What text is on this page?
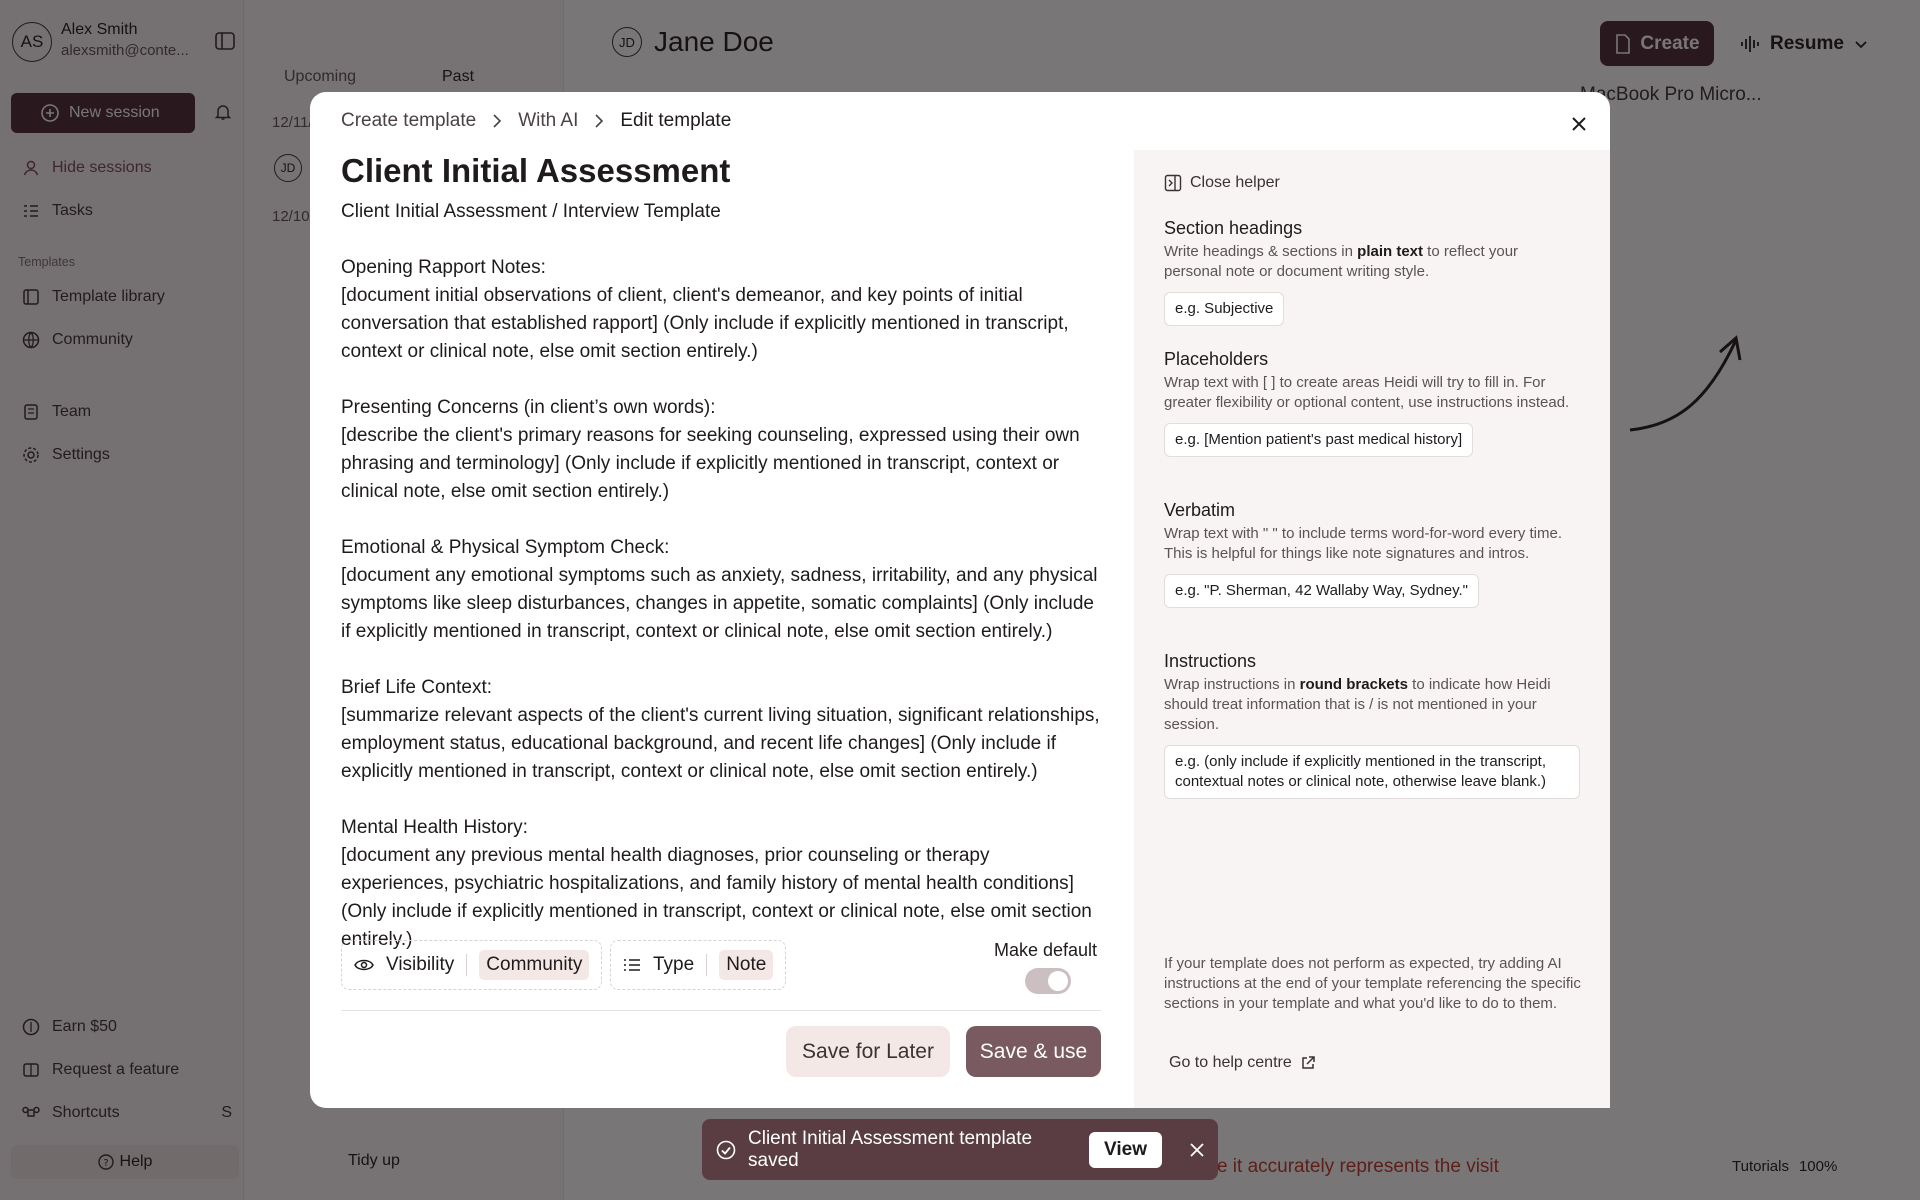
Create template With AI Edit template
Client Initial Assessment

Client Initial Assessment / Interview Template

Opening Rapport Notes:
[document initial observations of client, client's demeanor, and key points of initial conversation that established rapport] (Only include if explicitly mentioned in transcript, context or clinical note, else omit section entirely.)

Presenting Concerns (in client’s own words):
[describe the client's primary reasons for seeking counseling, expressed using their own phrasing and terminology] (Only include if explicitly mentioned in transcript, context or clinical note, else omit section entirely.)

Emotional & Physical Symptom Check:
[document any emotional symptoms such as anxiety, sadness, irritability, and any physical symptoms like sleep disturbances, changes in appetite, somatic complaints] (Only include if explicitly mentioned in transcript, context or clinical note, else omit section entirely.)

Brief Life Context:
[summarize relevant aspects of the client's current living situation, significant relationships, employment status, educational background, and recent life changes] (Only include if explicitly mentioned in transcript, context or clinical note, else omit section entirely.)

Mental Health History:
[document any previous mental health diagnoses, prior counseling or therapy experiences, psychiatric hospitalizations, and family history of mental health conditions] (Only include if explicitly mentioned in transcript, context or clinical note, else omit section entirely.)

Visibility	Community	Type	Note
Make default
Save for Later	Save & use
Close helper
Section headings
Write headings & sections in plain text to reflect your personal note or document writing style.
e.g. Subjective
Placeholders
Wrap text with [ ] to create areas Heidi will try to fill in. For greater flexibility or optional content, use instructions instead.
e.g. [Mention patient's past medical history]
Verbatim
Wrap text with " " to include terms word-for-word every time. This is helpful for things like note signatures and intros.
e.g. "P. Sherman, 42 Wallaby Way, Sydney."
Instructions
Wrap instructions in round brackets to indicate how Heidi should treat information that is / is not mentioned in your session.
e.g. (only include if explicitly mentioned in the transcript, contextual notes or clinical note, otherwise leave blank.)
If your template does not perform as expected, try adding AI instructions at the end of your template referencing the specific sections in your template and what you'd like to do to them.
Go to help centre
Client Initial Assessment template saved
View
